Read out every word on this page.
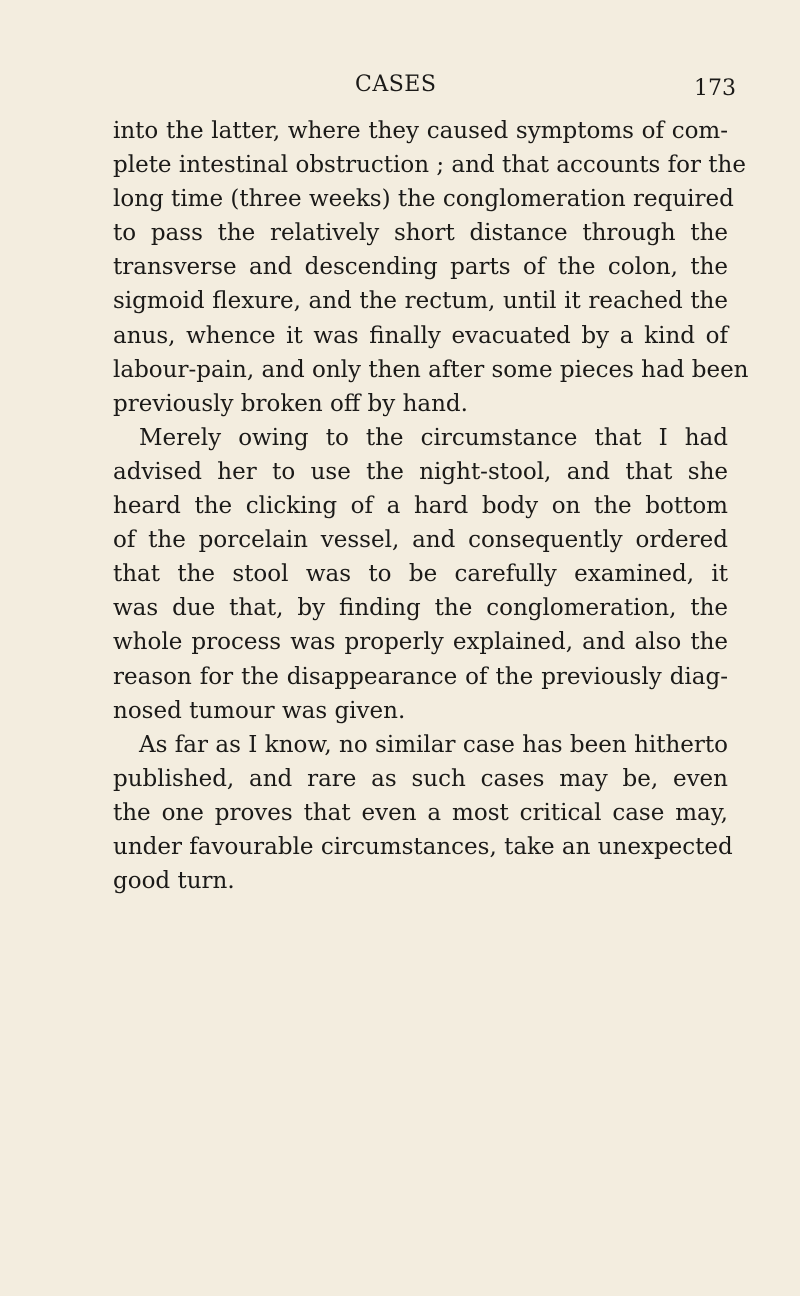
CASES	173
into the latter, where they caused symptoms of com-
plete intestinal obstruction ; and that accounts for the
long time (three weeks) the conglomeration required
to pass the relatively short distance through the
transverse and descending parts of the colon, the
sigmoid flexure, and the rectum, until it reached the
anus, whence it was finally evacuated by a kind of
labour-pain, and only then after some pieces had been
previously broken off by hand.
Merely owing to the circumstance that I had
advised her to use the night-stool, and that she
heard the clicking of a hard body on the bottom
of the porcelain vessel, and consequently ordered
that the stool was to be carefully examined, it
was due that, by finding the conglomeration, the
whole process was properly explained, and also the
reason for the disappearance of the previously diag-
nosed tumour was given.
As far as I know, no similar case has been hitherto
published, and rare as such cases may be, even
the one proves that even a most critical case may,
under favourable circumstances, take an unexpected
good turn.
